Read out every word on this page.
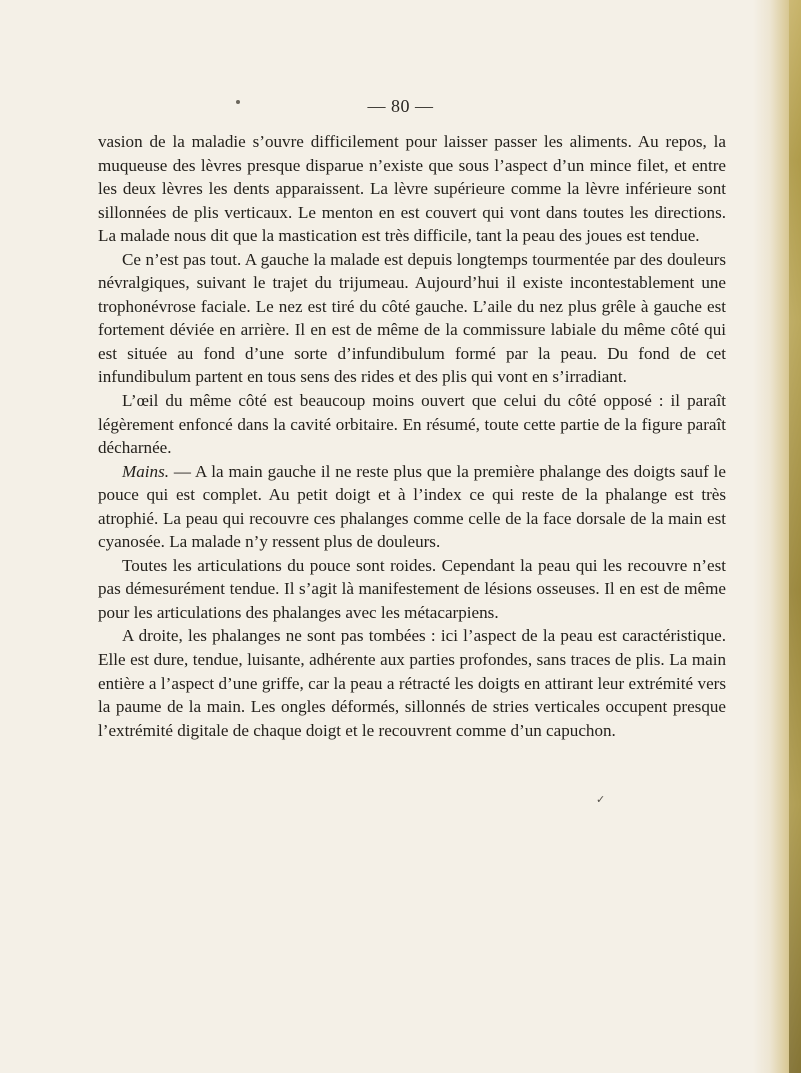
— 80 —

vasion de la maladie s’ouvre difficilement pour laisser passer les aliments. Au repos, la muqueuse des lèvres presque disparue n’existe que sous l’aspect d’un mince filet, et entre les deux lèvres les dents apparaissent. La lèvre supérieure comme la lèvre inférieure sont sillonnées de plis verticaux. Le menton en est couvert qui vont dans toutes les directions. La malade nous dit que la mastication est très difficile, tant la peau des joues est tendue.

Ce n’est pas tout. A gauche la malade est depuis longtemps tourmentée par des douleurs névralgiques, suivant le trajet du trijumeau. Aujourd’hui il existe incontestablement une trophonévrose faciale. Le nez est tiré du côté gauche. L’aile du nez plus grêle à gauche est fortement déviée en arrière. Il en est de même de la commissure labiale du même côté qui est située au fond d’une sorte d’infundibulum formé par la peau. Du fond de cet infundibulum partent en tous sens des rides et des plis qui vont en s’irradiant.

L’œil du même côté est beaucoup moins ouvert que celui du côté opposé : il paraît légèrement enfoncé dans la cavité orbitaire. En résumé, toute cette partie de la figure paraît décharnée.

Mains. — A la main gauche il ne reste plus que la première phalange des doigts sauf le pouce qui est complet. Au petit doigt et à l’index ce qui reste de la phalange est très atrophié. La peau qui recouvre ces phalanges comme celle de la face dorsale de la main est cyanosée. La malade n’y ressent plus de douleurs.

Toutes les articulations du pouce sont roides. Cependant la peau qui les recouvre n’est pas démesurément tendue. Il s’agit là manifestement de lésions osseuses. Il en est de même pour les articulations des phalanges avec les métacarpiens.

A droite, les phalanges ne sont pas tombées : ici l’aspect de la peau est caractéristique. Elle est dure, tendue, luisante, adhérente aux parties profondes, sans traces de plis. La main entière a l’aspect d’une griffe, car la peau a rétracté les doigts en attirant leur extrémité vers la paume de la main. Les ongles déformés, sillonnés de stries verticales occupent presque l’extrémité digitale de chaque doigt et le recouvrent comme d’un capuchon.

✓
